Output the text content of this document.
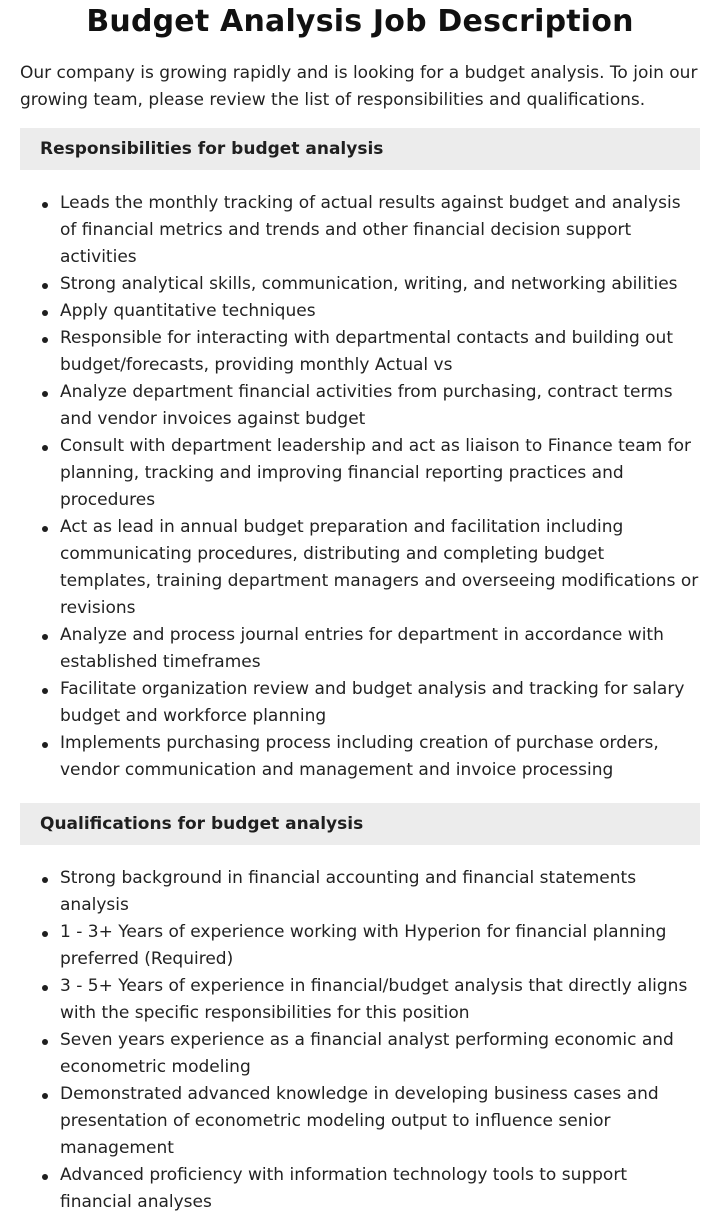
Budget Analysis Job Description

Our company is growing rapidly and is looking for a budget analysis. To join our growing team, please review the list of responsibilities and qualifications.

Responsibilities for budget analysis
Leads the monthly tracking of actual results against budget and analysis of financial metrics and trends and other financial decision support activities
Strong analytical skills, communication, writing, and networking abilities
Apply quantitative techniques
Responsible for interacting with departmental contacts and building out budget/forecasts, providing monthly Actual vs
Analyze department financial activities from purchasing, contract terms and vendor invoices against budget
Consult with department leadership and act as liaison to Finance team for planning, tracking and improving financial reporting practices and procedures
Act as lead in annual budget preparation and facilitation including communicating procedures, distributing and completing budget templates, training department managers and overseeing modifications or revisions
Analyze and process journal entries for department in accordance with established timeframes
Facilitate organization review and budget analysis and tracking for salary budget and workforce planning
Implements purchasing process including creation of purchase orders, vendor communication and management and invoice processing
Qualifications for budget analysis
Strong background in financial accounting and financial statements analysis
1 - 3+ Years of experience working with Hyperion for financial planning preferred (Required)
3 - 5+ Years of experience in financial/budget analysis that directly aligns with the specific responsibilities for this position
Seven years experience as a financial analyst performing economic and econometric modeling
Demonstrated advanced knowledge in developing business cases and presentation of econometric modeling output to influence senior management
Advanced proficiency with information technology tools to support financial analyses
